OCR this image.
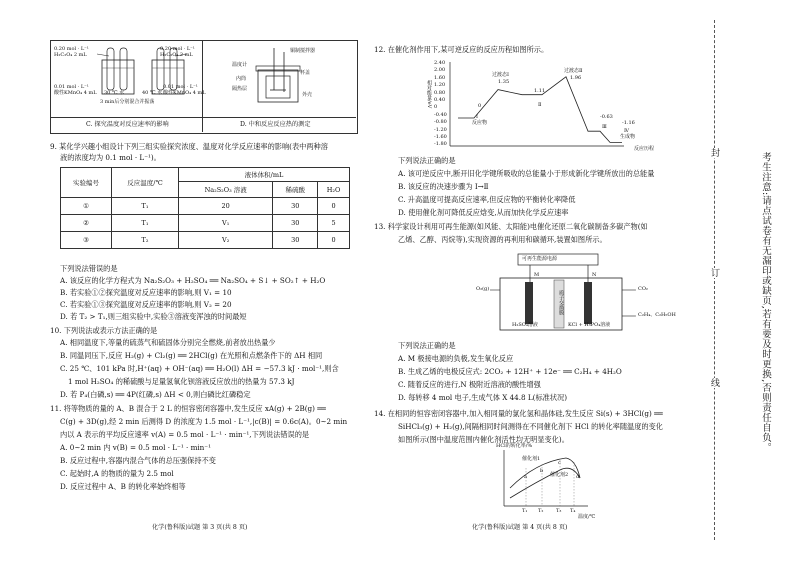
0.20 mol · L⁻¹
H₂C₂O₄ 2 mL
0.20 mol · L⁻¹
H₂C₂O₄ 2 mL
0.01 mol · L⁻¹
酸性KMnO₄ 4 mL 30 ℃ 水	40 ℃ 水
0.01 mol · L⁻¹
酸性KMnO₄ 4 mL
3 min后分别混合并振荡
铜制搅拌器
温度计
内筒
杯盖
隔热层
外壳
C. 探究温度对反应速率的影响	D. 中和反应反应热的测定
9. 某化学兴趣小组设计下列三组实验探究浓度、温度对化学反应速率的影响(表中两种溶
液的浓度均为 0.1 mol · L⁻¹)。
实验编号	反应温度/℃	液体体积/mL		
		Na₂S₂O₃ 溶液	稀硫酸	H₂O
①	T₁	20	30	0
②	T₁	V₁	30	5
③	T₂	V₂	30	0
下列说法错误的是
A. 该反应的化学方程式为 Na₂S₂O₃ + H₂SO₄ ══ Na₂SO₄ + S↓ + SO₂↑ + H₂O
B. 若实验①②探究温度对反应速率的影响,则 V₁ = 10
C. 若实验①③探究温度对反应速率的影响,则 V₂ = 20
D. 若 T₂ > T₁,则三组实验中,实验③溶液变浑浊的时间最短
10. 下列说法或表示方法正确的是
A. 相同温度下,等量的硫蒸气和硫固体分别完全燃烧,前者放出热量少
B. 同温同压下,反应 H₂(g) + Cl₂(g) ══ 2HCl(g) 在光照和点燃条件下的 ΔH 相同
C. 25 ℃、101 kPa 时,H⁺(aq) + OH⁻(aq) ══ H₂O(l) ΔH = −57.3 kJ · mol⁻¹,则含
1 mol H₂SO₄ 的稀硫酸与足量氢氧化钡溶液反应放出的热量为 57.3 kJ
D. 若 P₄(白磷,s) ══ 4P(红磷,s) ΔH < 0,则白磷比红磷稳定
11. 将等物质的量的 A、B 混合于 2 L 的恒容密闭容器中,发生反应 xA(g) + 2B(g) ══
C(g) + 3D(g),经 2 min 后测得 D 的浓度为 1.5 mol · L⁻¹,|c(B)| = 0.6c(A)。0~2 min
内以 A 表示的平均反应速率 v(A) = 0.5 mol · L⁻¹ · min⁻¹,下列说法错误的是
A. 0~2 min 内 v(B) = 0.5 mol · L⁻¹ · min⁻¹
B. 反应过程中,容器内混合气体的总压强保持不变
C. 起始时,A 的物质的量为 2.5 mol
D. 反应过程中 A、B 的转化率始终相等
化学(鲁科版)试题 第 3 页(共 8 页)
12. 在催化剂作用下,某可逆反应的反应历程如图所示。
相对能量/eV
2.40
2.00
1.60
1.20
0.80
0.40
0
-0.40
-0.80
-1.20
-1.60
-1.80
过渡态Ⅰ
1.35
过渡态Ⅱ
1.96
1.11
0
Ⅰ
反应物
Ⅱ
-0.63
Ⅲ
-1.16
Ⅳ
生成物
反应历程
下列说法正确的是
A. 该可逆反应中,断开旧化学键所吸收的总能量小于形成新化学键所放出的总能量
B. 该反应的决速步骤为 Ⅰ→Ⅱ
C. 升高温度可提高反应速率,但反应物的平衡转化率降低
D. 使用催化剂可降低反应焓变,从而加快化学反应速率
13. 科学家设计利用可再生能源(如风能、太阳能)电催化还原二氧化碳制备多碳产物(如
乙烯、乙醇、丙烷等),实现资源的再利用和碳循环,装置如图所示。
可再生能源电源
M	N
O₂(g)	CO₂
质子交换膜	C₂H₄、C₂H₅OH
H₂SO₄溶液	KCl + H₃PO₄溶液
下列说法正确的是
A. M 极接电源的负极,发生氧化反应
B. 生成乙烯的电极反应式: 2CO₂ + 12H⁺ + 12e⁻ ══ C₂H₄ + 4H₂O
C. 随着反应的进行,N 极附近溶液的酸性增强
D. 每转移 4 mol 电子,生成气体 X 44.8 L(标准状况)
14. 在相同的恒容密闭容器中,加入相同量的氯化氢和晶体硅,发生反应 Si(s) + 3HCl(g) ══
SiHCl₃(g) + H₂(g),间隔相同时间测得在不同催化剂下 HCl 的转化率随温度的变化
如图所示(图中温度范围内催化剂活性均无明显变化)。
HCl的转化率/%
催化剂1
催化剂2
a
b
c
d
T₁ T₂	T₃ T₄
温度/℃
化学(鲁科版)试题 第 4 页(共 8 页)
封
订
线	考生注意:请点试卷有无漏印或缺页,若有要及时更换,否则责任自负。
